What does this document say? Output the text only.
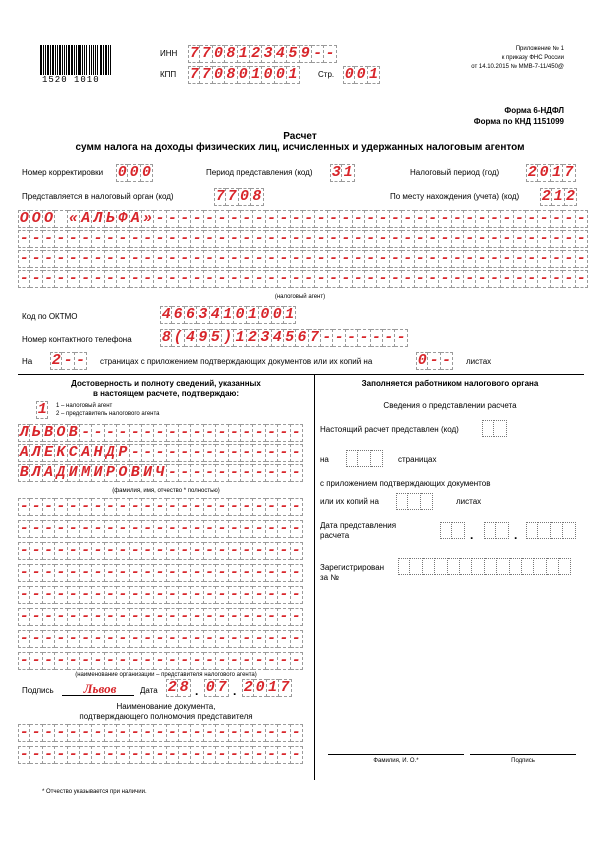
1520 1010
ИНН 7 7 0 8 1 2 3 4 5 9 - -
КПП 7 7 0 8 0 1 0 0 1	Стр. 0 0 1
Приложение № 1
к приказу ФНС России
от 14.10.2015 № ММВ-7-11/450@
Форма 6-НДФЛ
Форма по КНД 1151099
Расчет
сумм налога на доходы физических лиц, исчисленных и удержанных налоговым агентом
Номер корректировки 0 0 0	Период представления (код) 3 1	Налоговый период (год) 2 0 1 7
Представляется в налоговый орган (код)	7 7 0 8	По месту нахождения (учета) (код) 2 1 2
О О О « А Л Ь Ф А » - - - - - - - - - - - - - - - - - - - - - - - - - - - - - - - - - - -
- - - - - - - - - - - - - - - - - - - - - - - - - - - - - - - - - - - - - - - - - - - - - -
- - - - - - - - - - - - - - - - - - - - - - - - - - - - - - - - - - - - - - - - - - - - - -
- - - - - - - - - - - - - - - - - - - - - - - - - - - - - - - - - - - - - - - - - - - - - -
(налоговый агент)
Код по ОКТМО	4 6 6 3 4 1 0 1 0 0 1
Номер контактного телефона 8 ( 4 9 5 ) 1 2 3 4 5 6 7 - - - - - - -
На 2 - - страницах с приложением подтверждающих документов или их копий на	0 - - листах
Достоверность и полноту сведений, указанных
в настоящем расчете, подтверждаю:
1 1 – налоговый агент
2 – представитель налогового агента
Л Ь В О В - - - - - - - - - - - - - - - - - -
А Л Е К С А Н Д Р - - - - - - - - - - - - - -
В Л А Д И М И Р О В И Ч - - - - - - - - - - -
(фамилия, имя, отчество * полностью)
- - - - - - - - - - - - - - - - - - - - - - -
- - - - - - - - - - - - - - - - - - - - - - -
- - - - - - - - - - - - - - - - - - - - - - -
- - - - - - - - - - - - - - - - - - - - - - -
- - - - - - - - - - - - - - - - - - - - - - -
- - - - - - - - - - - - - - - - - - - - - - -
- - - - - - - - - - - - - - - - - - - - - - -
- - - - - - - - - - - - - - - - - - - - - - -
(наименование организации – представителя налогового агента)
Подпись	Львов	Дата 2 8 . 0 7 . 2 0 1 7
Наименование документа,
подтверждающего полномочия представителя
- - - - - - - - - - - - - - - - - - - - - - -
- - - - - - - - - - - - - - - - - - - - - - -
* Отчество указывается при наличии.
Заполняется работником налогового органа
Сведения о представлении расчета
Настоящий расчет представлен (код)
на	страницах
с приложением подтверждающих документов
или их копий на	листах
Дата представления
расчета	.	.
Зарегистрирован
за №
Фамилия, И. О.*	Подпись
